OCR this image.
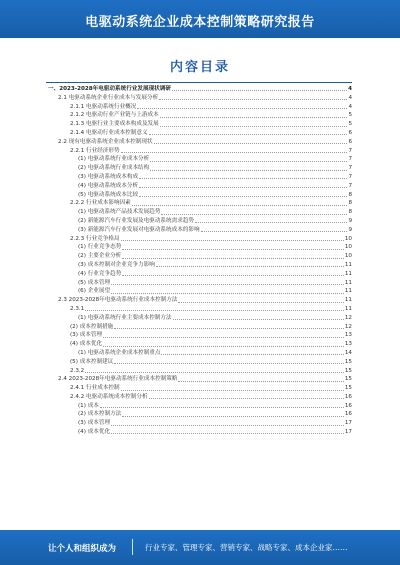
电驱动系统企业成本控制策略研究报告
内容目录
一、2023-2028年电驱动系统行业发展现状调研	4
2.1 电驱动系统企业行业成本与发展分析	4
2.1.1 电驱动系统行业概况	4
2.1.2 电驱动行业产业链与上游成本	5
2.1.3 电驱行业主要成本构成及发展	5
2.1.4 电驱动行业成本控制意义	6
2.2 现有电驱动系统企业成本控制现状	6
2.2.1 行业经济形势	7
(1) 电驱动系统行业成本分析	7
(2) 电驱动系统行业成本结构	7
(3) 电驱动系统成本构成	7
(4) 电驱动系统成本分析	7
(5) 电驱动系统成本比较	8
2.2.2 行业成本影响因素	8
(1) 电驱动系统产品技术发展趋势	8
(2) 新能源汽车行业发展及电驱动系统需求趋势	9
(3) 新能源汽车行业发展对电驱动系统成本的影响	9
2.2.3 行业竞争格局	10
(1) 行业竞争态势	10
(2) 主要企业分析	10
(3) 成本控制对企业竞争力影响	11
(4) 行业竞争趋势	11
(5) 成本管理	11
(6) 企业展望	11
2.3 2023-2028年电驱动系统行业成本控制方法	11
2.3.1	11
(1) 电驱动系统行业主要成本控制方法	12
(2) 成本控制措施	12
(3) 成本管理	13
(4) 成本优化	13
(1) 电驱动系统企业成本控制重点	14
(5) 成本控制建议	15
2.3.2	15
2.4 2023-2028年电驱动系统行业成本控制策略	15
2.4.1 行业成本控制	15
2.4.2 电驱动系统成本控制分析	16
(1) 成本	16
(2) 成本控制方法	16
(3) 成本管理	17
(4) 成本优化	17
让个人和组织成为	行业专家、管理专家、营销专家、战略专家、成本企业家……
